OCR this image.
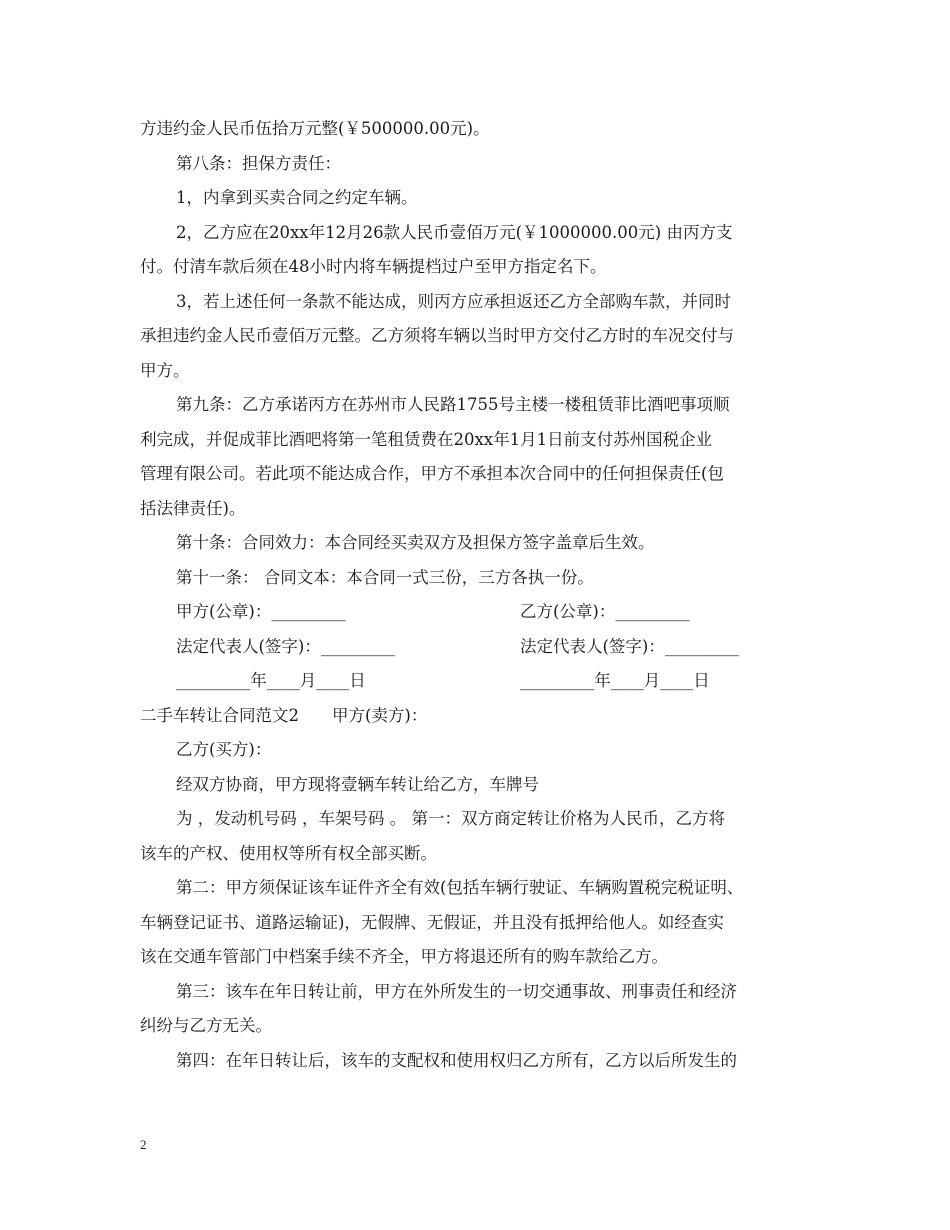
方违约金人民币伍拾万元整(￥500000.00元)。
第八条：担保方责任：
1，内拿到买卖合同之约定车辆。
2，乙方应在20xx年12月26款人民币壹佰万元(￥1000000.00元) 由丙方支
付。付清车款后须在48小时内将车辆提档过户至甲方指定名下。
3，若上述任何一条款不能达成，则丙方应承担返还乙方全部购车款，并同时
承担违约金人民币壹佰万元整。乙方须将车辆以当时甲方交付乙方时的车况交付与
甲方。
第九条：乙方承诺丙方在苏州市人民路1755号主楼一楼租赁菲比酒吧事项顺
利完成，并促成菲比酒吧将第一笔租赁费在20xx年1月1日前支付苏州国税企业
管理有限公司。若此项不能达成合作，甲方不承担本次合同中的任何担保责任(包
括法律责任)。
第十条：合同效力：本合同经买卖双方及担保方签字盖章后生效。
第十一条： 合同文本：本合同一式三份，三方各执一份。
甲方(公章)：_________	乙方(公章)：_________
法定代表人(签字)：_________	法定代表人(签字)：_________
_________年____月____日	_________年____月____日
二手车转让合同范文2　　甲方(卖方)：
乙方(买方)：
经双方协商，甲方现将壹辆车转让给乙方，车牌号
为 ，发动机号码 ，车架号码 。 第一：双方商定转让价格为人民币，乙方将
该车的产权、使用权等所有权全部买断。
第二：甲方须保证该车证件齐全有效(包括车辆行驶证、车辆购置税完税证明、
车辆登记证书、道路运输证)，无假牌、无假证，并且没有抵押给他人。如经查实
该在交通车管部门中档案手续不齐全，甲方将退还所有的购车款给乙方。
第三：该车在年日转让前，甲方在外所发生的一切交通事故、刑事责任和经济
纠纷与乙方无关。
第四：在年日转让后，该车的支配权和使用权归乙方所有，乙方以后所发生的
2
